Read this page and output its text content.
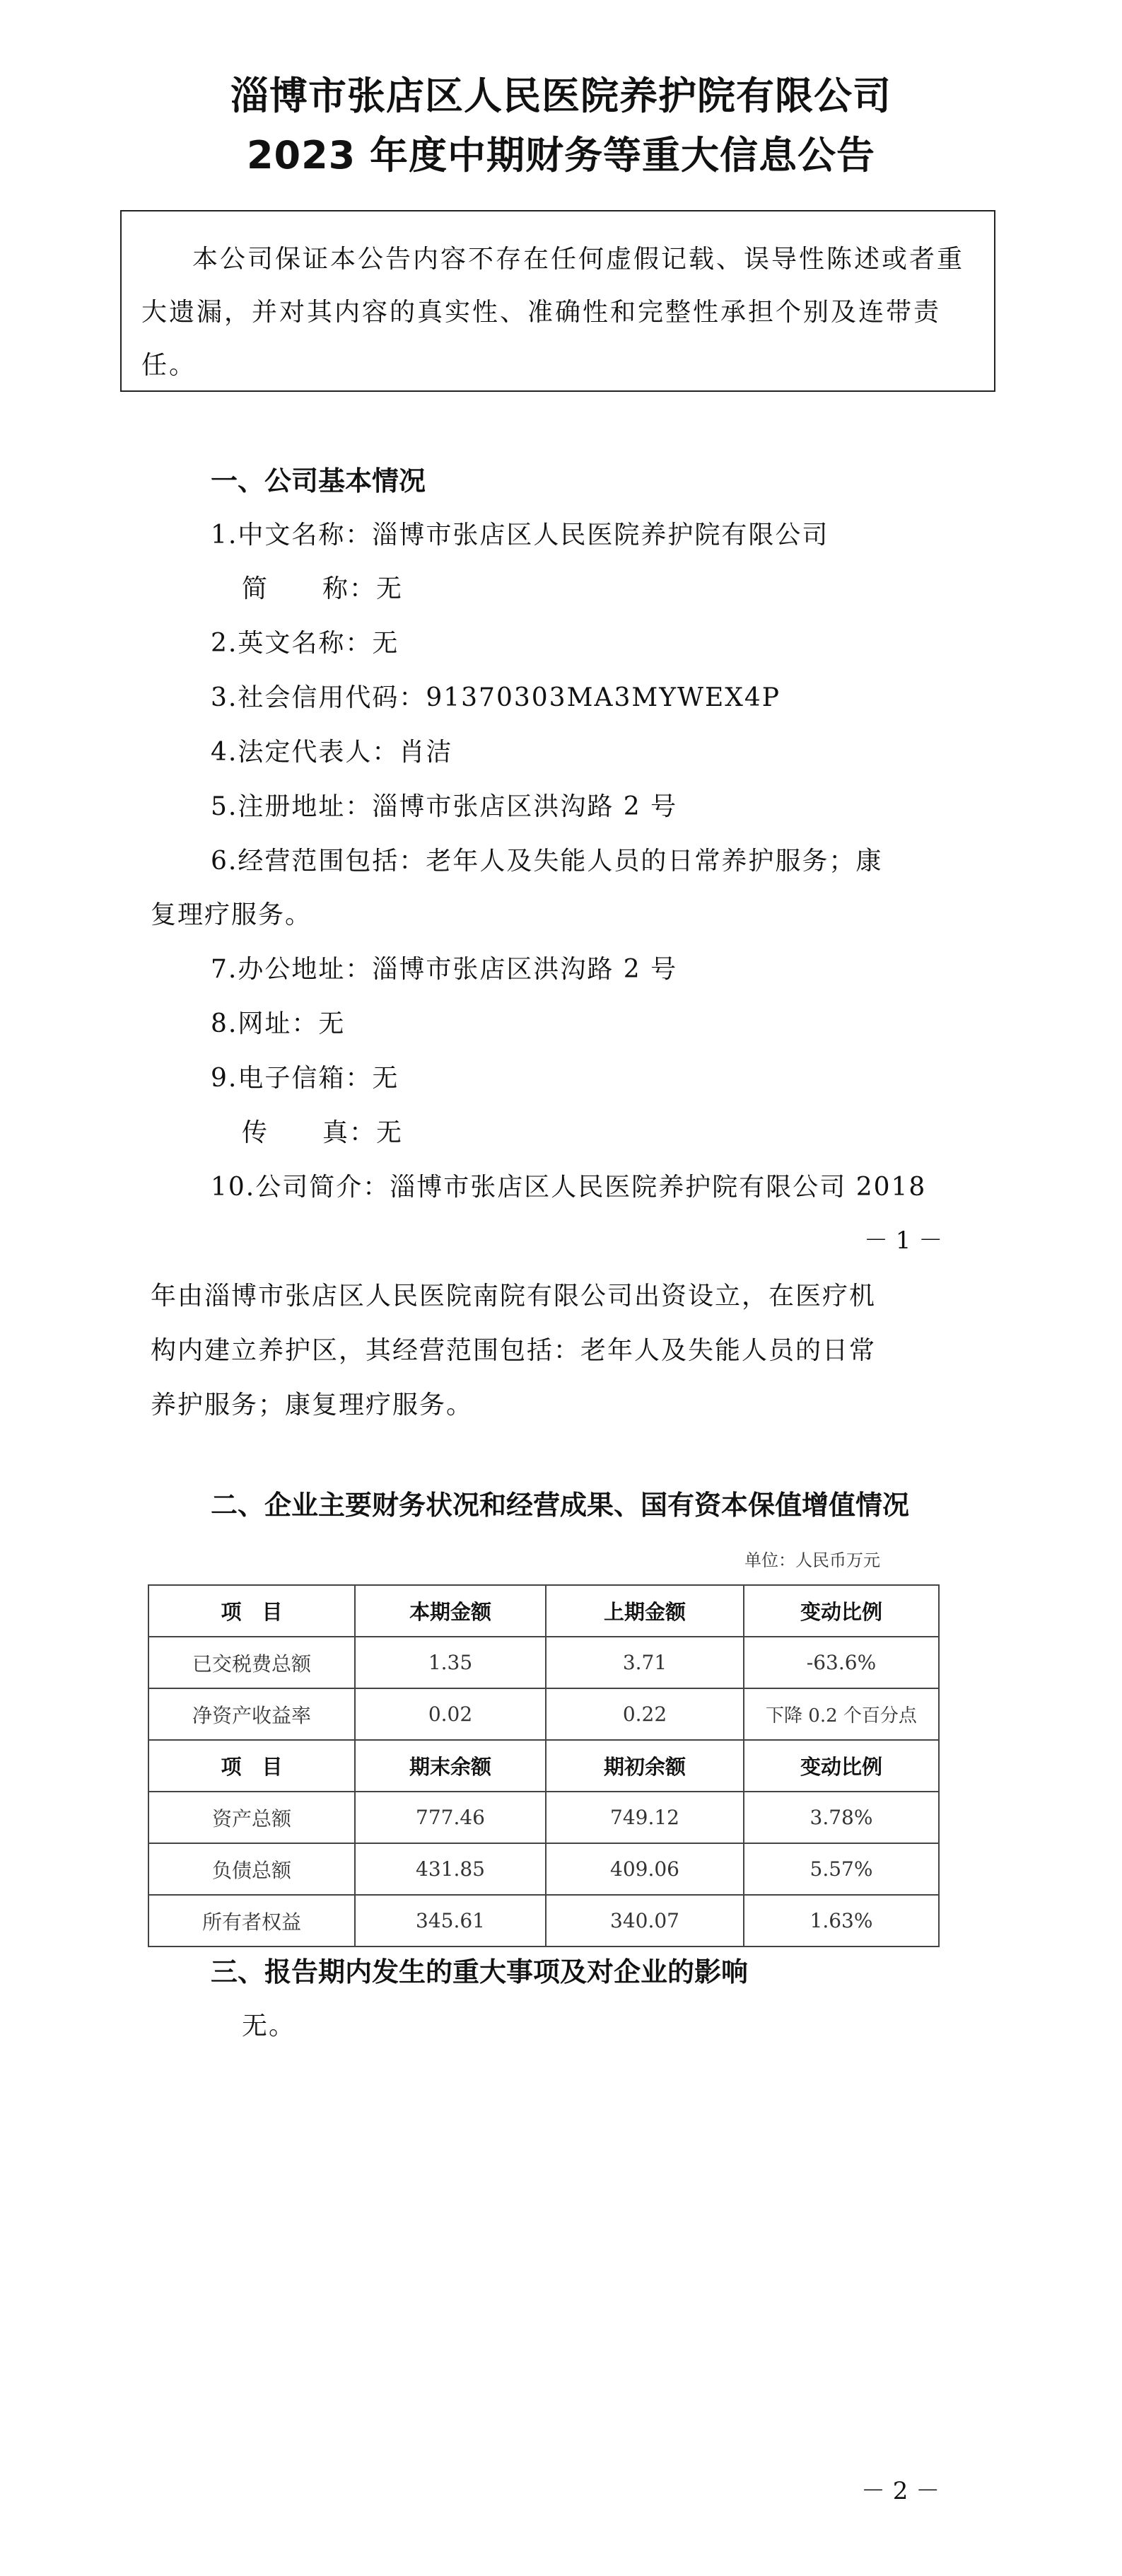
淄博市张店区人民医院养护院有限公司
2023 年度中期财务等重大信息公告

本公司保证本公告内容不存在任何虚假记载、误导性陈述或者重大遗漏，并对其内容的真实性、准确性和完整性承担个别及连带责任。

一、公司基本情况
1.中文名称：淄博市张店区人民医院养护院有限公司
简　　称：无
2.英文名称：无
3.社会信用代码：91370303MA3MYWEX4P
4.法定代表人：肖洁
5.注册地址：淄博市张店区洪沟路 2 号
6.经营范围包括：老年人及失能人员的日常养护服务；康
复理疗服务。
7.办公地址：淄博市张店区洪沟路 2 号
8.网址：无
9.电子信箱：无
传　　真：无
10.公司简介：淄博市张店区人民医院养护院有限公司 2018
－ 1 －
年由淄博市张店区人民医院南院有限公司出资设立，在医疗机
构内建立养护区，其经营范围包括：老年人及失能人员的日常
养护服务；康复理疗服务。
二、企业主要财务状况和经营成果、国有资本保值增值情况
单位：人民币万元
项　目	本期金额	上期金额	变动比例
已交税费总额	1.35	3.71	-63.6%
净资产收益率	0.02	0.22	下降 0.2 个百分点
项　目	期末余额	期初余额	变动比例
资产总额	777.46	749.12	3.78%
负债总额	431.85	409.06	5.57%
所有者权益	345.61	340.07	1.63%
三、报告期内发生的重大事项及对企业的影响
无。
－ 2 －
